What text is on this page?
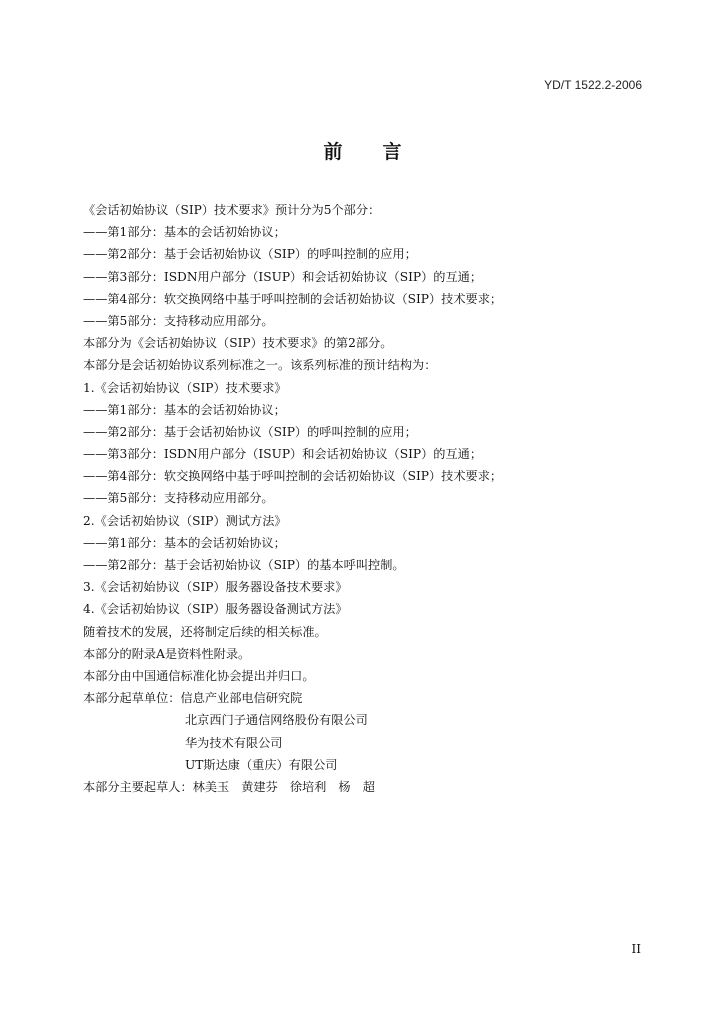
YD/T 1522.2-2006
前 言
《会话初始协议（SIP）技术要求》预计分为5个部分：
——第1部分：基本的会话初始协议；
——第2部分：基于会话初始协议（SIP）的呼叫控制的应用；
——第3部分：ISDN用户部分（ISUP）和会话初始协议（SIP）的互通；
——第4部分：软交换网络中基于呼叫控制的会话初始协议（SIP）技术要求；
——第5部分：支持移动应用部分。
本部分为《会话初始协议（SIP）技术要求》的第2部分。
本部分是会话初始协议系列标准之一。该系列标准的预计结构为：
1.《会话初始协议（SIP）技术要求》
——第1部分：基本的会话初始协议；
——第2部分：基于会话初始协议（SIP）的呼叫控制的应用；
——第3部分：ISDN用户部分（ISUP）和会话初始协议（SIP）的互通；
——第4部分：软交换网络中基于呼叫控制的会话初始协议（SIP）技术要求；
——第5部分：支持移动应用部分。
2.《会话初始协议（SIP）测试方法》
——第1部分：基本的会话初始协议；
——第2部分：基于会话初始协议（SIP）的基本呼叫控制。
3.《会话初始协议（SIP）服务器设备技术要求》
4.《会话初始协议（SIP）服务器设备测试方法》
随着技术的发展，还将制定后续的相关标准。
本部分的附录A是资料性附录。
本部分由中国通信标准化协会提出并归口。
本部分起草单位：信息产业部电信研究院
北京西门子通信网络股份有限公司
华为技术有限公司
UT斯达康（重庆）有限公司
本部分主要起草人：林美玉 黄建芬 徐培利 杨　超
II
